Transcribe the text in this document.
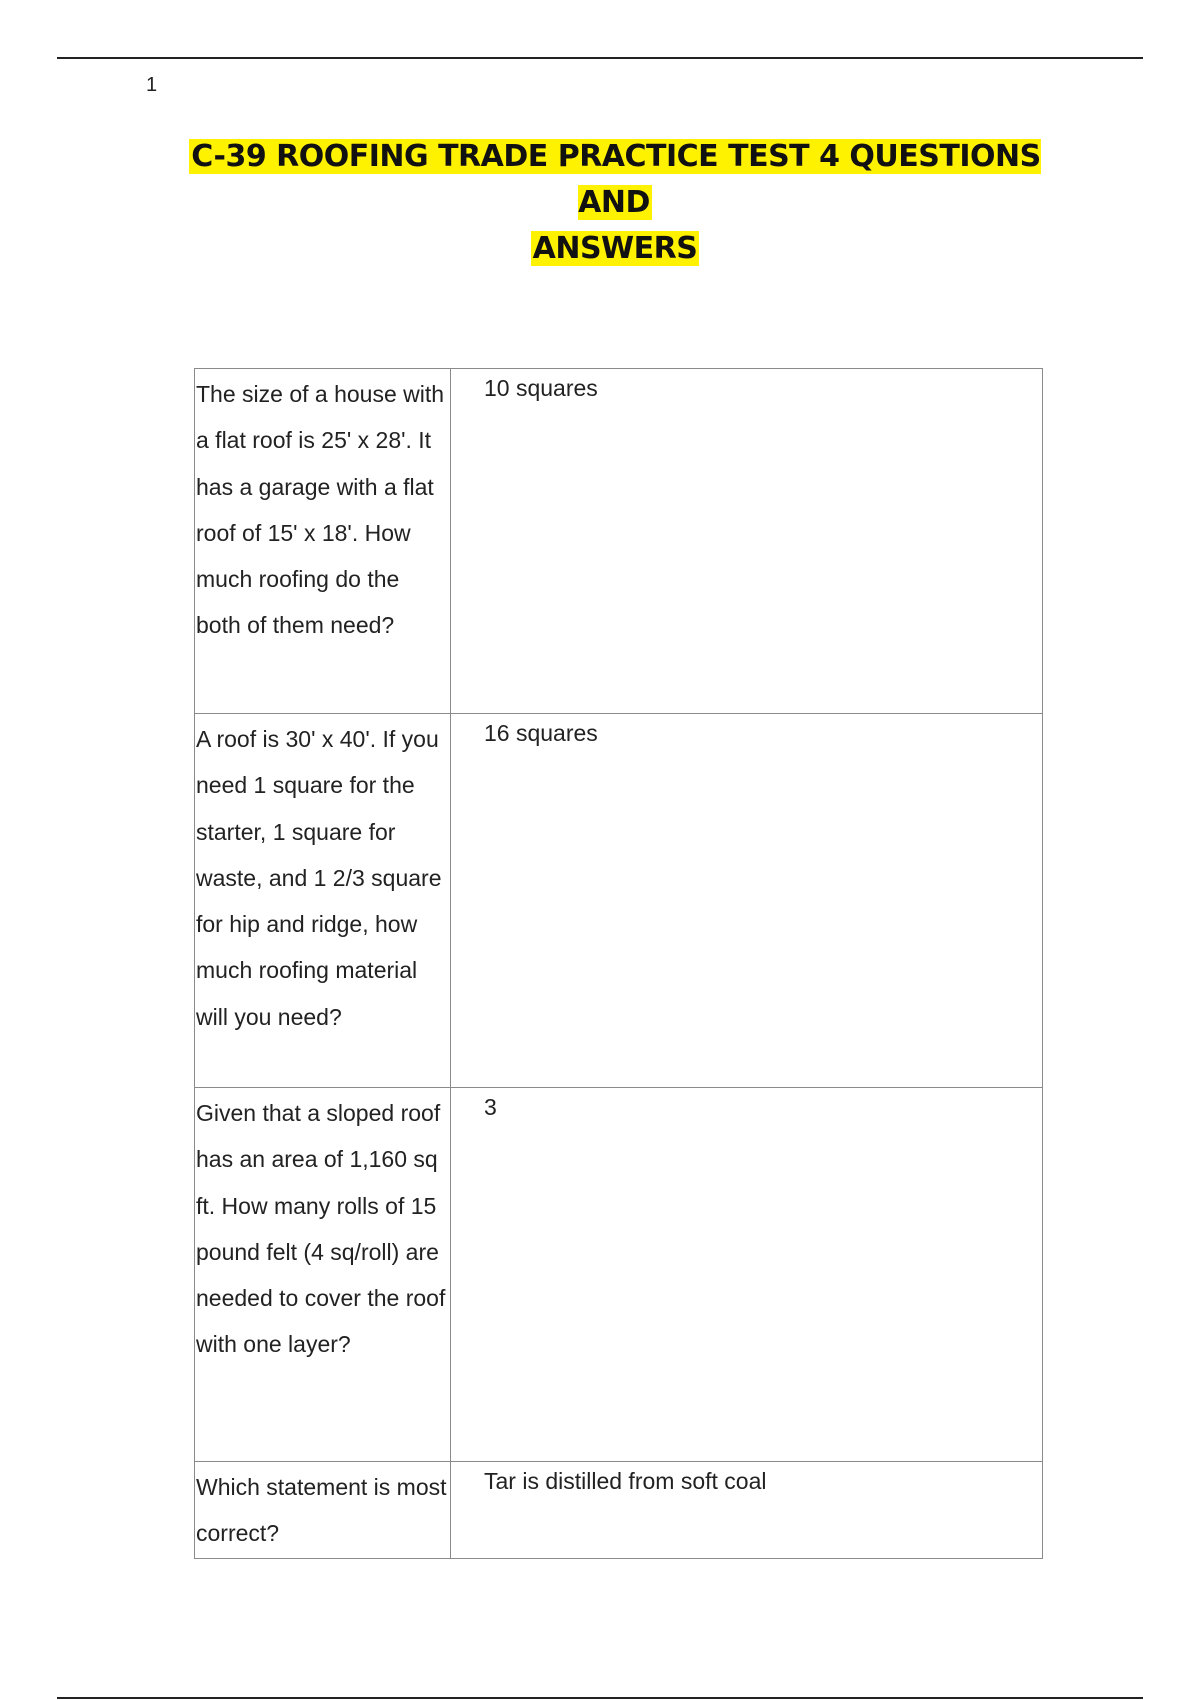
1
C-39 ROOFING TRADE PRACTICE TEST 4 QUESTIONS AND
ANSWERS
The size of a house with a flat roof is 25' x 28'. It has a garage with a flat roof of 15' x 18'. How much roofing do the both of them need?	10 squares

A roof is 30' x 40'. If you need 1 square for the starter, 1 square for waste, and 1 2/3 square for hip and ridge, how much roofing material will you need?	16 squares

Given that a sloped roof has an area of 1,160 sq ft. How many rolls of 15 pound felt (4 sq/roll) are needed to cover the roof with one layer?	3

Which statement is most correct?	Tar is distilled from soft coal
